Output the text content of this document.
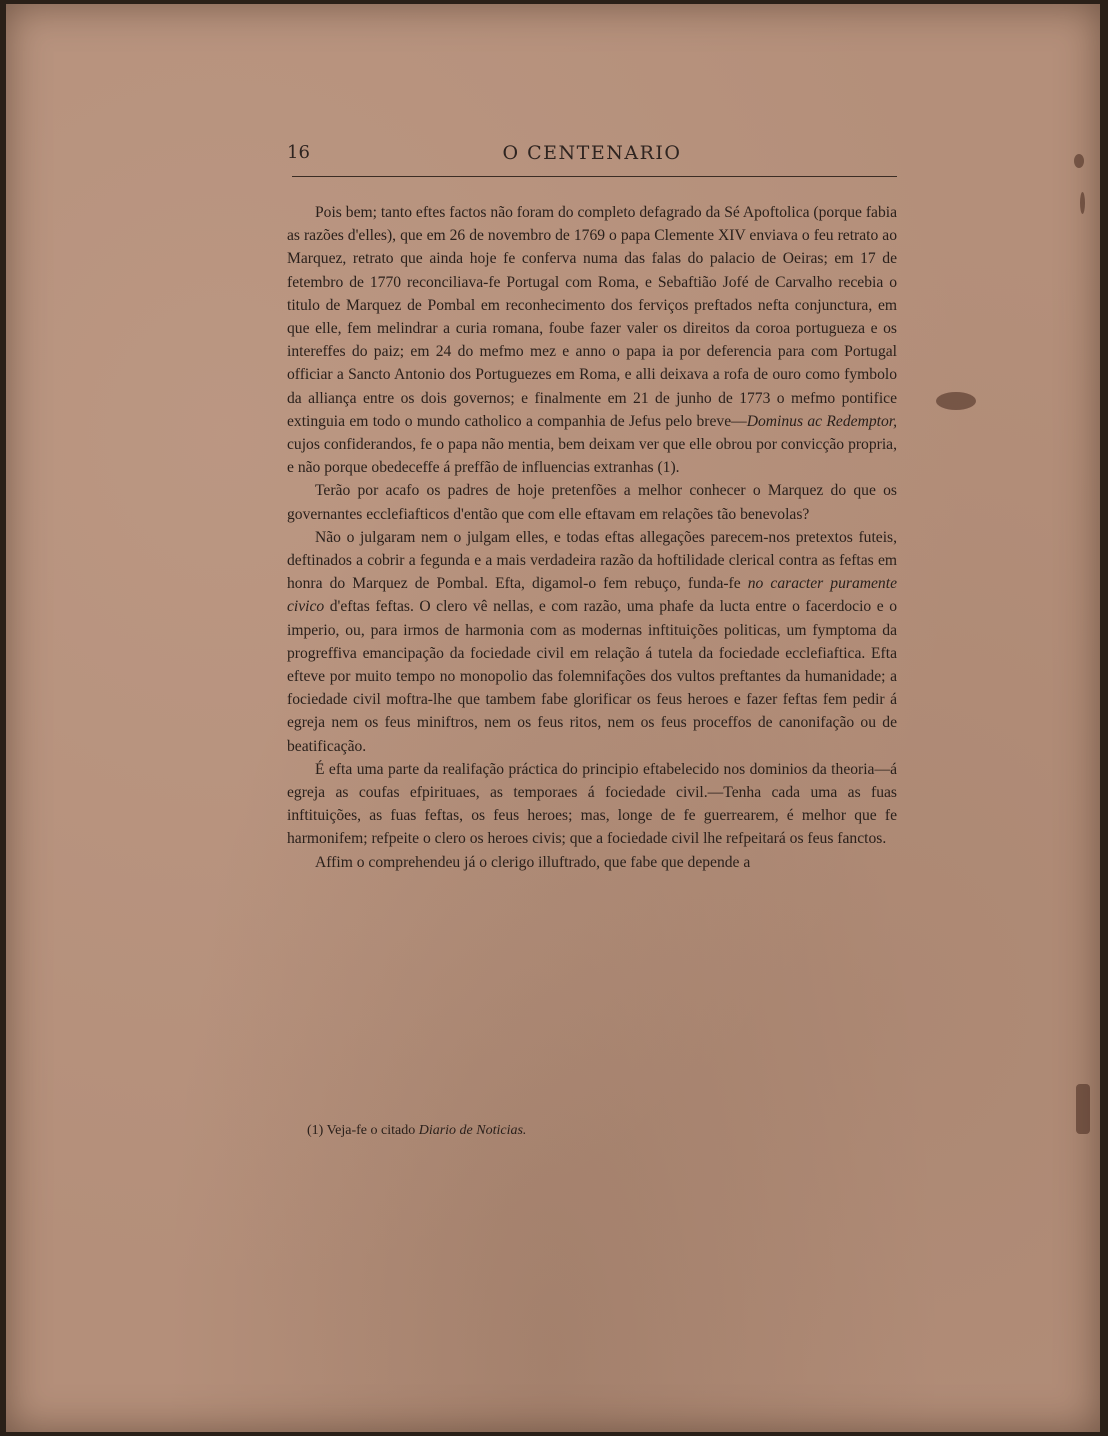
16	O CENTENARIO

Pois bem; tanto eftes factos não foram do completo defagrado da Sé Apoftolica (porque fabia as razões d'elles), que em 26 de novembro de 1769 o papa Clemente XIV enviava o feu retrato ao Marquez, retrato que ainda hoje fe conferva numa das falas do palacio de Oeiras; em 17 de fetembro de 1770 reconciliava-fe Portugal com Roma, e Sebaftião Jofé de Carvalho recebia o titulo de Marquez de Pombal em reconhecimento dos ferviços preftados nefta conjunctura, em que elle, fem melindrar a curia romana, foube fazer valer os direitos da coroa portugueza e os intereffes do paiz; em 24 do mefmo mez e anno o papa ia por deferencia para com Portugal officiar a Sancto Antonio dos Portuguezes em Roma, e alli deixava a rofa de ouro como fymbolo da alliança entre os dois governos; e finalmente em 21 de junho de 1773 o mefmo pontifice extinguia em todo o mundo catholico a companhia de Jefus pelo breve—Dominus ac Redemptor, cujos confiderandos, fe o papa não mentia, bem deixam ver que elle obrou por convicção propria, e não porque obedeceffe á preffão de influencias extranhas (1).

Terão por acafo os padres de hoje pretenfões a melhor conhecer o Marquez do que os governantes ecclefiafticos d'então que com elle eftavam em relações tão benevolas?

Não o julgaram nem o julgam elles, e todas eftas allegações parecem-nos pretextos futeis, deftinados a cobrir a fegunda e a mais verdadeira razão da hoftilidade clerical contra as feftas em honra do Marquez de Pombal. Efta, digamol-o fem rebuço, funda-fe no caracter puramente civico d'eftas feftas. O clero vê nellas, e com razão, uma phafe da lucta entre o facerdocio e o imperio, ou, para irmos de harmonia com as modernas inftituições politicas, um fymptoma da progreffiva emancipação da fociedade civil em relação á tutela da fociedade ecclefiaftica. Efta efteve por muito tempo no monopolio das folemnifações dos vultos preftantes da humanidade; a fociedade civil moftra-lhe que tambem fabe glorificar os feus heroes e fazer feftas fem pedir á egreja nem os feus miniftros, nem os feus ritos, nem os feus proceffos de canonifação ou de beatificação.

É efta uma parte da realifação práctica do principio eftabelecido nos dominios da theoria—á egreja as coufas efpirituaes, as temporaes á fociedade civil.—Tenha cada uma as fuas inftituições, as fuas feftas, os feus heroes; mas, longe de fe guerrearem, é melhor que fe harmonifem; refpeite o clero os heroes civis; que a fociedade civil lhe refpeitará os feus fanctos.

Affim o comprehendeu já o clerigo illuftrado, que fabe que depende a

(1) Veja-fe o citado Diario de Noticias.
